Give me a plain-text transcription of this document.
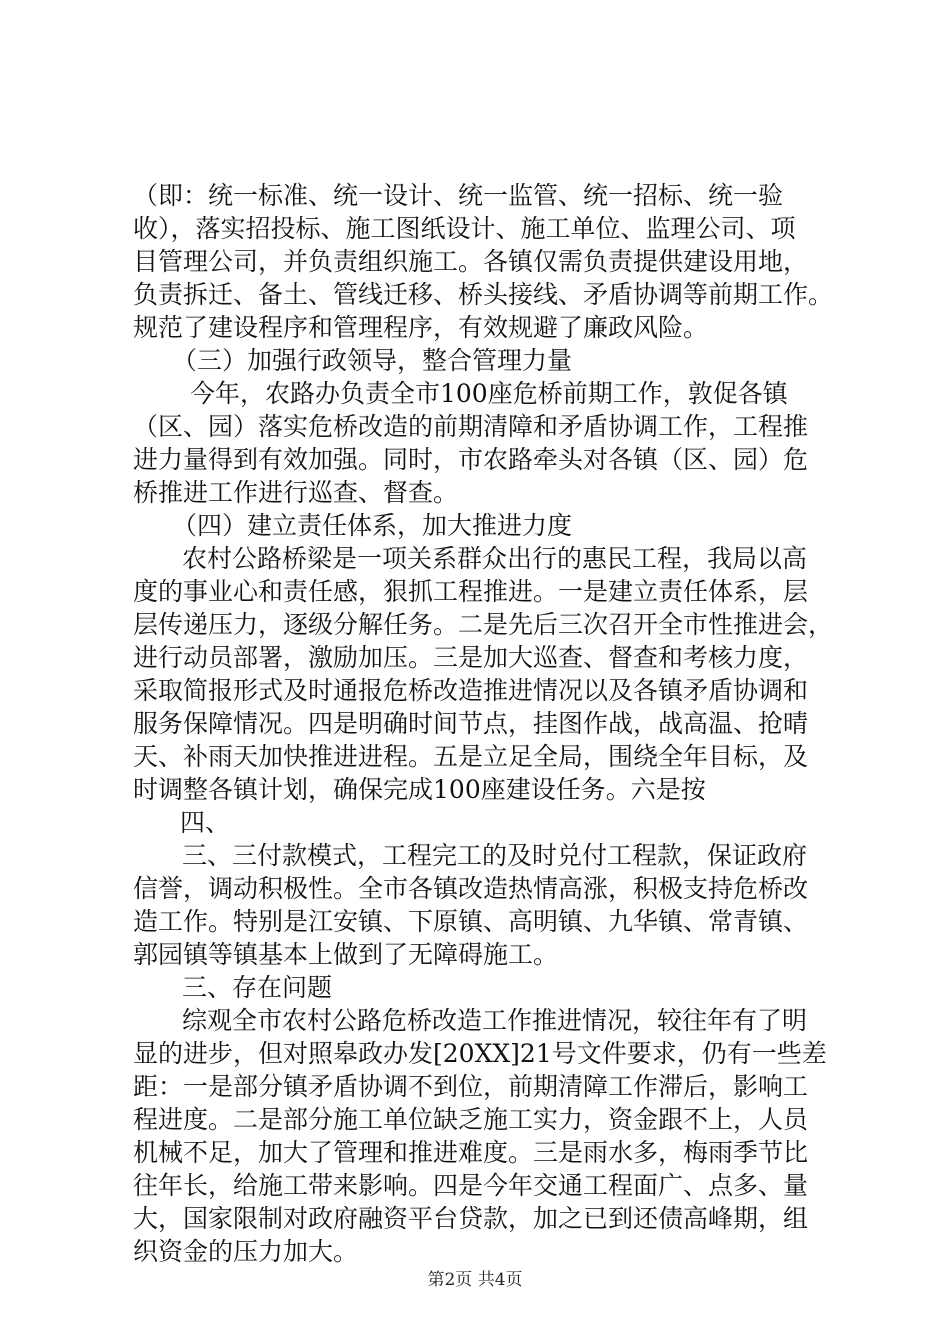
（即：统一标准、统一设计、统一监管、统一招标、统一验
收），落实招投标、施工图纸设计、施工单位、监理公司、项
目管理公司，并负责组织施工。各镇仅需负责提供建设用地，
负责拆迁、备土、管线迁移、桥头接线、矛盾协调等前期工作。
规范了建设程序和管理程序，有效规避了廉政风险。
（三）加强行政领导，整合管理力量
今年，农路办负责全市100座危桥前期工作，敦促各镇
（区、园）落实危桥改造的前期清障和矛盾协调工作，工程推
进力量得到有效加强。同时，市农路牵头对各镇（区、园）危
桥推进工作进行巡查、督查。
（四）建立责任体系，加大推进力度
农村公路桥梁是一项关系群众出行的惠民工程，我局以高
度的事业心和责任感，狠抓工程推进。一是建立责任体系，层
层传递压力，逐级分解任务。二是先后三次召开全市性推进会，
进行动员部署，激励加压。三是加大巡查、督查和考核力度，
采取简报形式及时通报危桥改造推进情况以及各镇矛盾协调和
服务保障情况。四是明确时间节点，挂图作战，战高温、抢晴
天、补雨天加快推进进程。五是立足全局，围绕全年目标，及
时调整各镇计划，确保完成100座建设任务。六是按
四、
三、三付款模式，工程完工的及时兑付工程款，保证政府
信誉，调动积极性。全市各镇改造热情高涨，积极支持危桥改
造工作。特别是江安镇、下原镇、高明镇、九华镇、常青镇、
郭园镇等镇基本上做到了无障碍施工。
三、存在问题
综观全市农村公路危桥改造工作推进情况，较往年有了明
显的进步，但对照皋政办发[20XX]21号文件要求，仍有一些差
距：一是部分镇矛盾协调不到位，前期清障工作滞后，影响工
程进度。二是部分施工单位缺乏施工实力，资金跟不上，人员
机械不足，加大了管理和推进难度。三是雨水多，梅雨季节比
往年长，给施工带来影响。四是今年交通工程面广、点多、量
大，国家限制对政府融资平台贷款，加之已到还债高峰期，组
织资金的压力加大。
第2页 共4页
